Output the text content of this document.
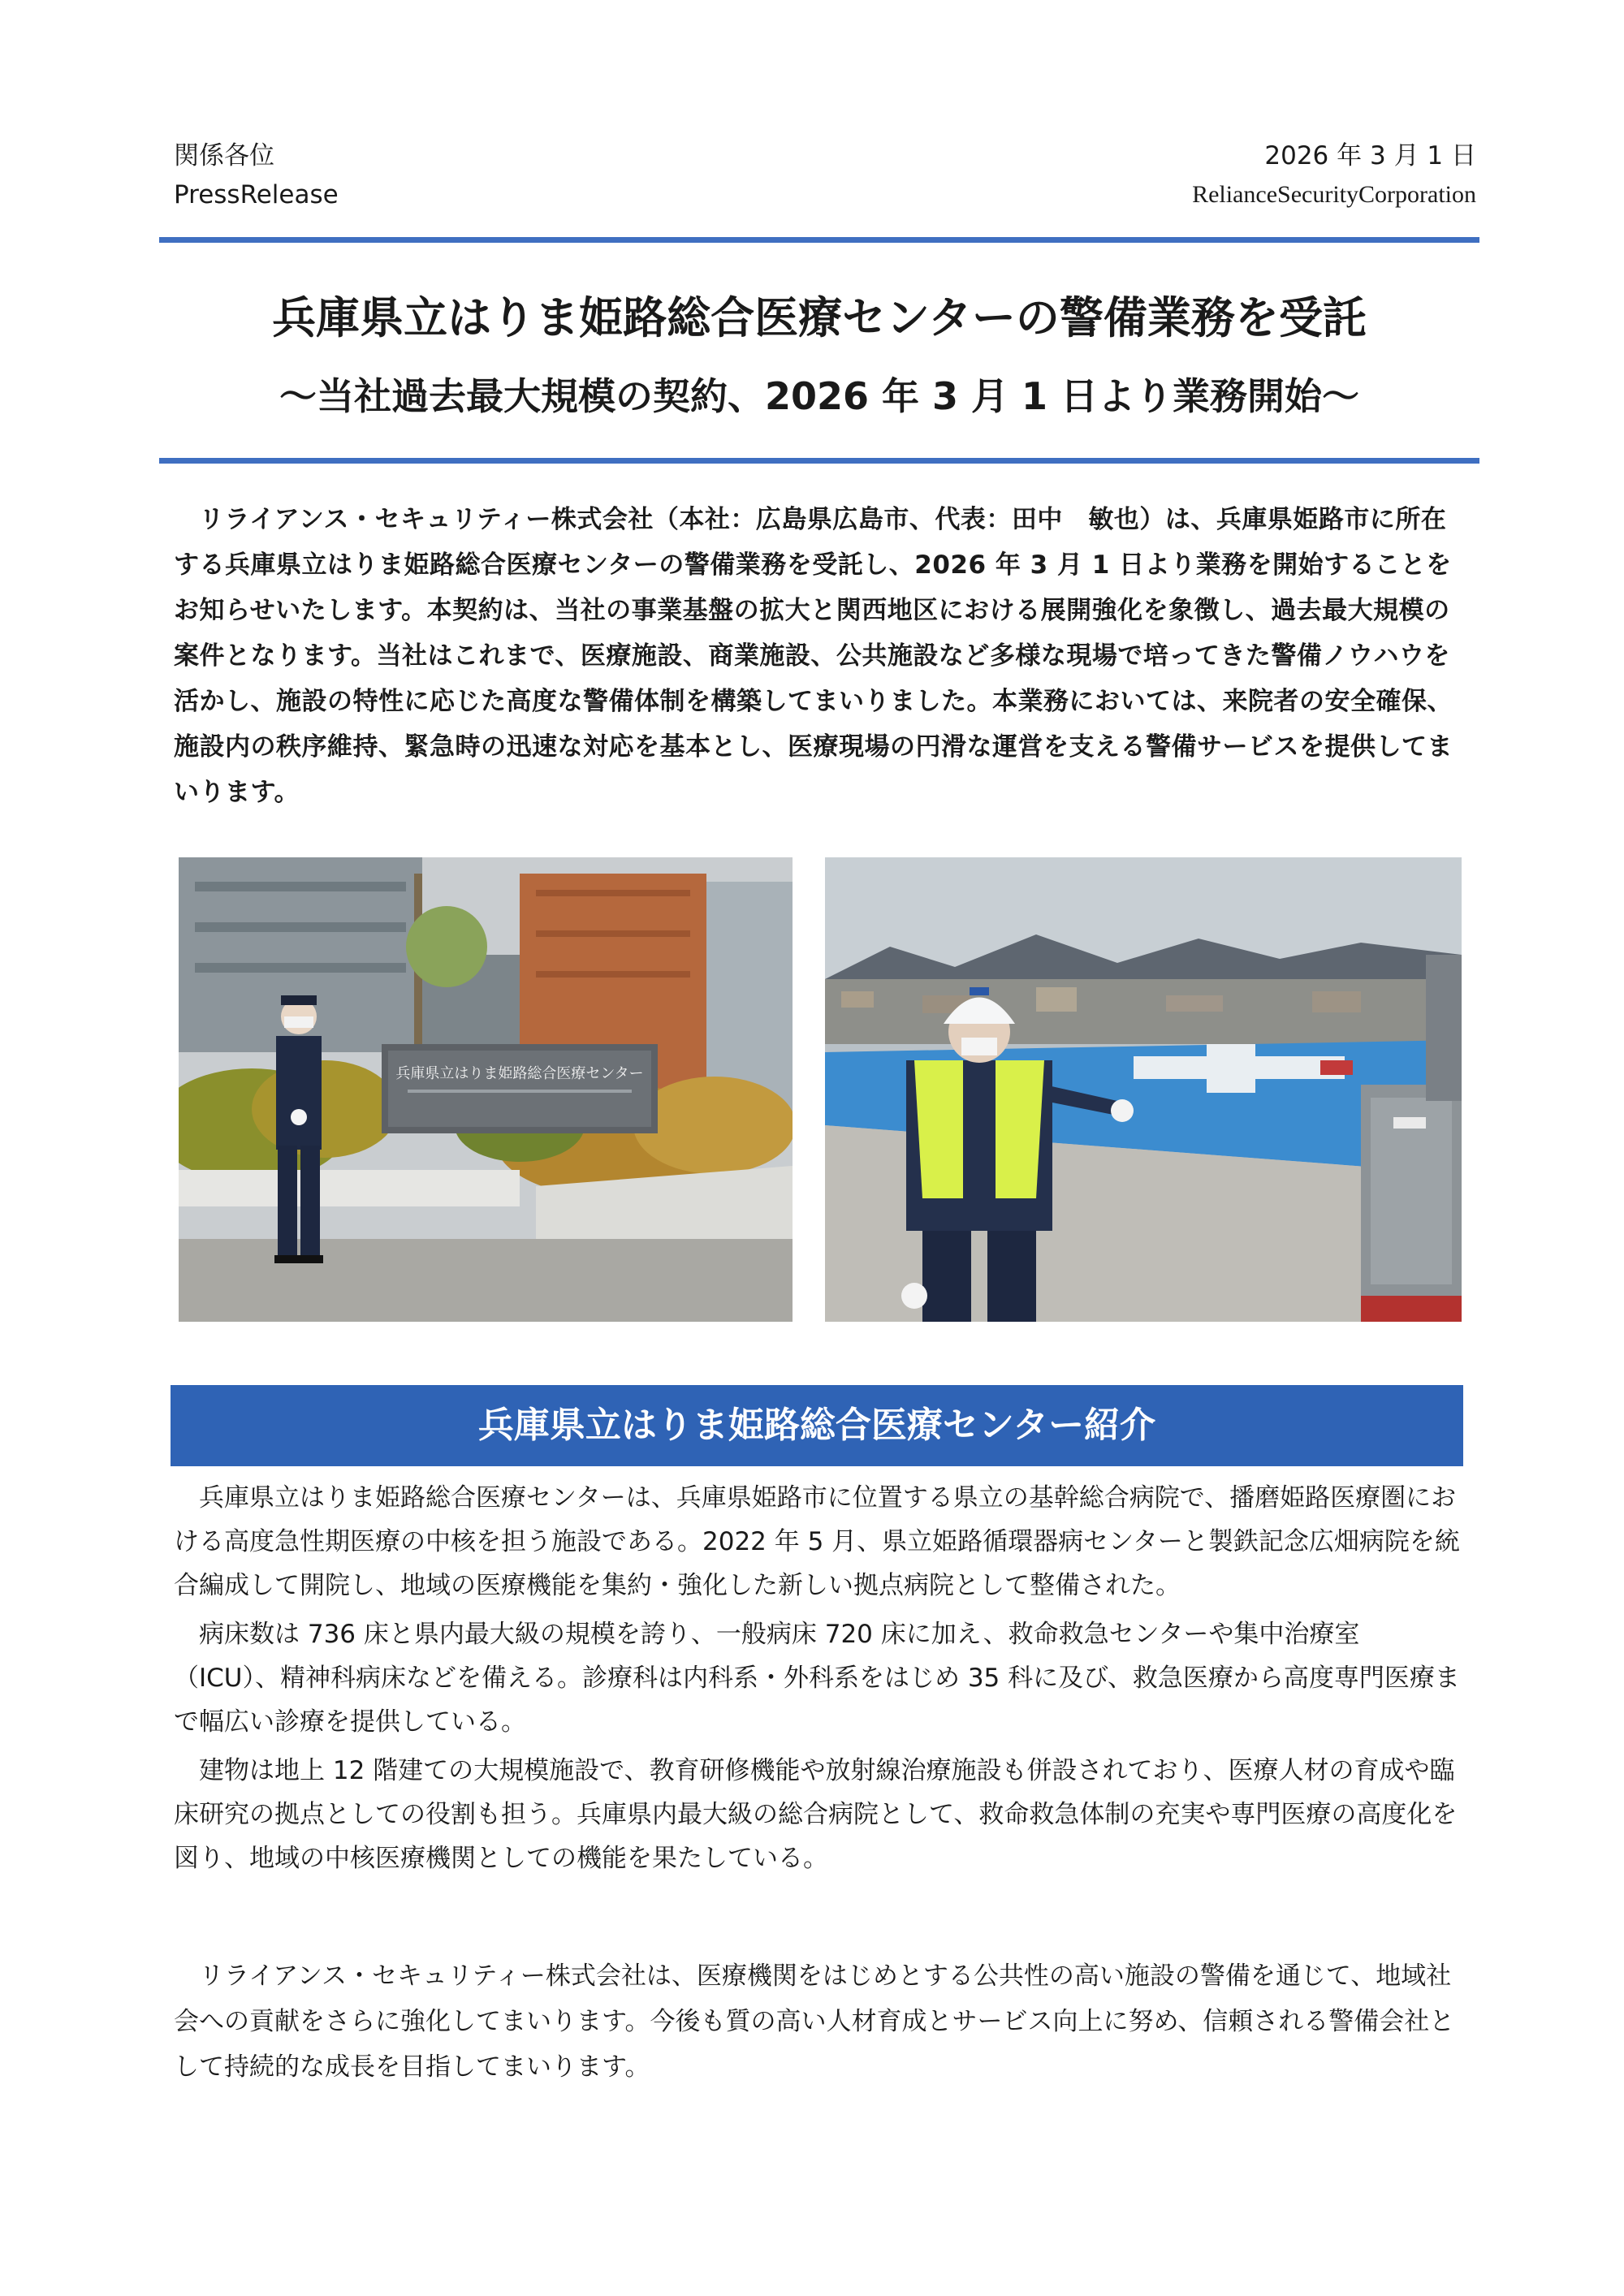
関係各位
PressRelease
2026 年 3 月 1 日
RelianceSecurityCorporation
兵庫県立はりま姫路総合医療センターの警備業務を受託
～当社過去最大規模の契約、2026 年 3 月 1 日より業務開始～
リライアンス・セキュリティー株式会社（本社：広島県広島市、代表：田中　敏也）は、兵庫県姫路市に所在する兵庫県立はりま姫路総合医療センターの警備業務を受託し、2026 年 3 月 1 日より業務を開始することをお知らせいたします。本契約は、当社の事業基盤の拡大と関西地区における展開強化を象徴し、過去最大規模の案件となります。当社はこれまで、医療施設、商業施設、公共施設など多様な現場で培ってきた警備ノウハウを活かし、施設の特性に応じた高度な警備体制を構築してまいりました。本業務においては、来院者の安全確保、施設内の秩序維持、緊急時の迅速な対応を基本とし、医療現場の円滑な運営を支える警備サービスを提供してまいります。
兵庫県立はりま姫路総合医療センター
兵庫県立はりま姫路総合医療センター紹介

兵庫県立はりま姫路総合医療センターは、兵庫県姫路市に位置する県立の基幹総合病院で、播磨姫路医療圏における高度急性期医療の中核を担う施設である。2022 年 5 月、県立姫路循環器病センターと製鉄記念広畑病院を統合編成して開院し、地域の医療機能を集約・強化した新しい拠点病院として整備された。

病床数は 736 床と県内最大級の規模を誇り、一般病床 720 床に加え、救命救急センターや集中治療室（ICU）、精神科病床などを備える。診療科は内科系・外科系をはじめ 35 科に及び、救急医療から高度専門医療まで幅広い診療を提供している。

建物は地上 12 階建ての大規模施設で、教育研修機能や放射線治療施設も併設されており、医療人材の育成や臨床研究の拠点としての役割も担う。兵庫県内最大級の総合病院として、救命救急体制の充実や専門医療の高度化を図り、地域の中核医療機関としての機能を果たしている。

リライアンス・セキュリティー株式会社は、医療機関をはじめとする公共性の高い施設の警備を通じて、地域社会への貢献をさらに強化してまいります。今後も質の高い人材育成とサービス向上に努め、信頼される警備会社として持続的な成長を目指してまいります。
